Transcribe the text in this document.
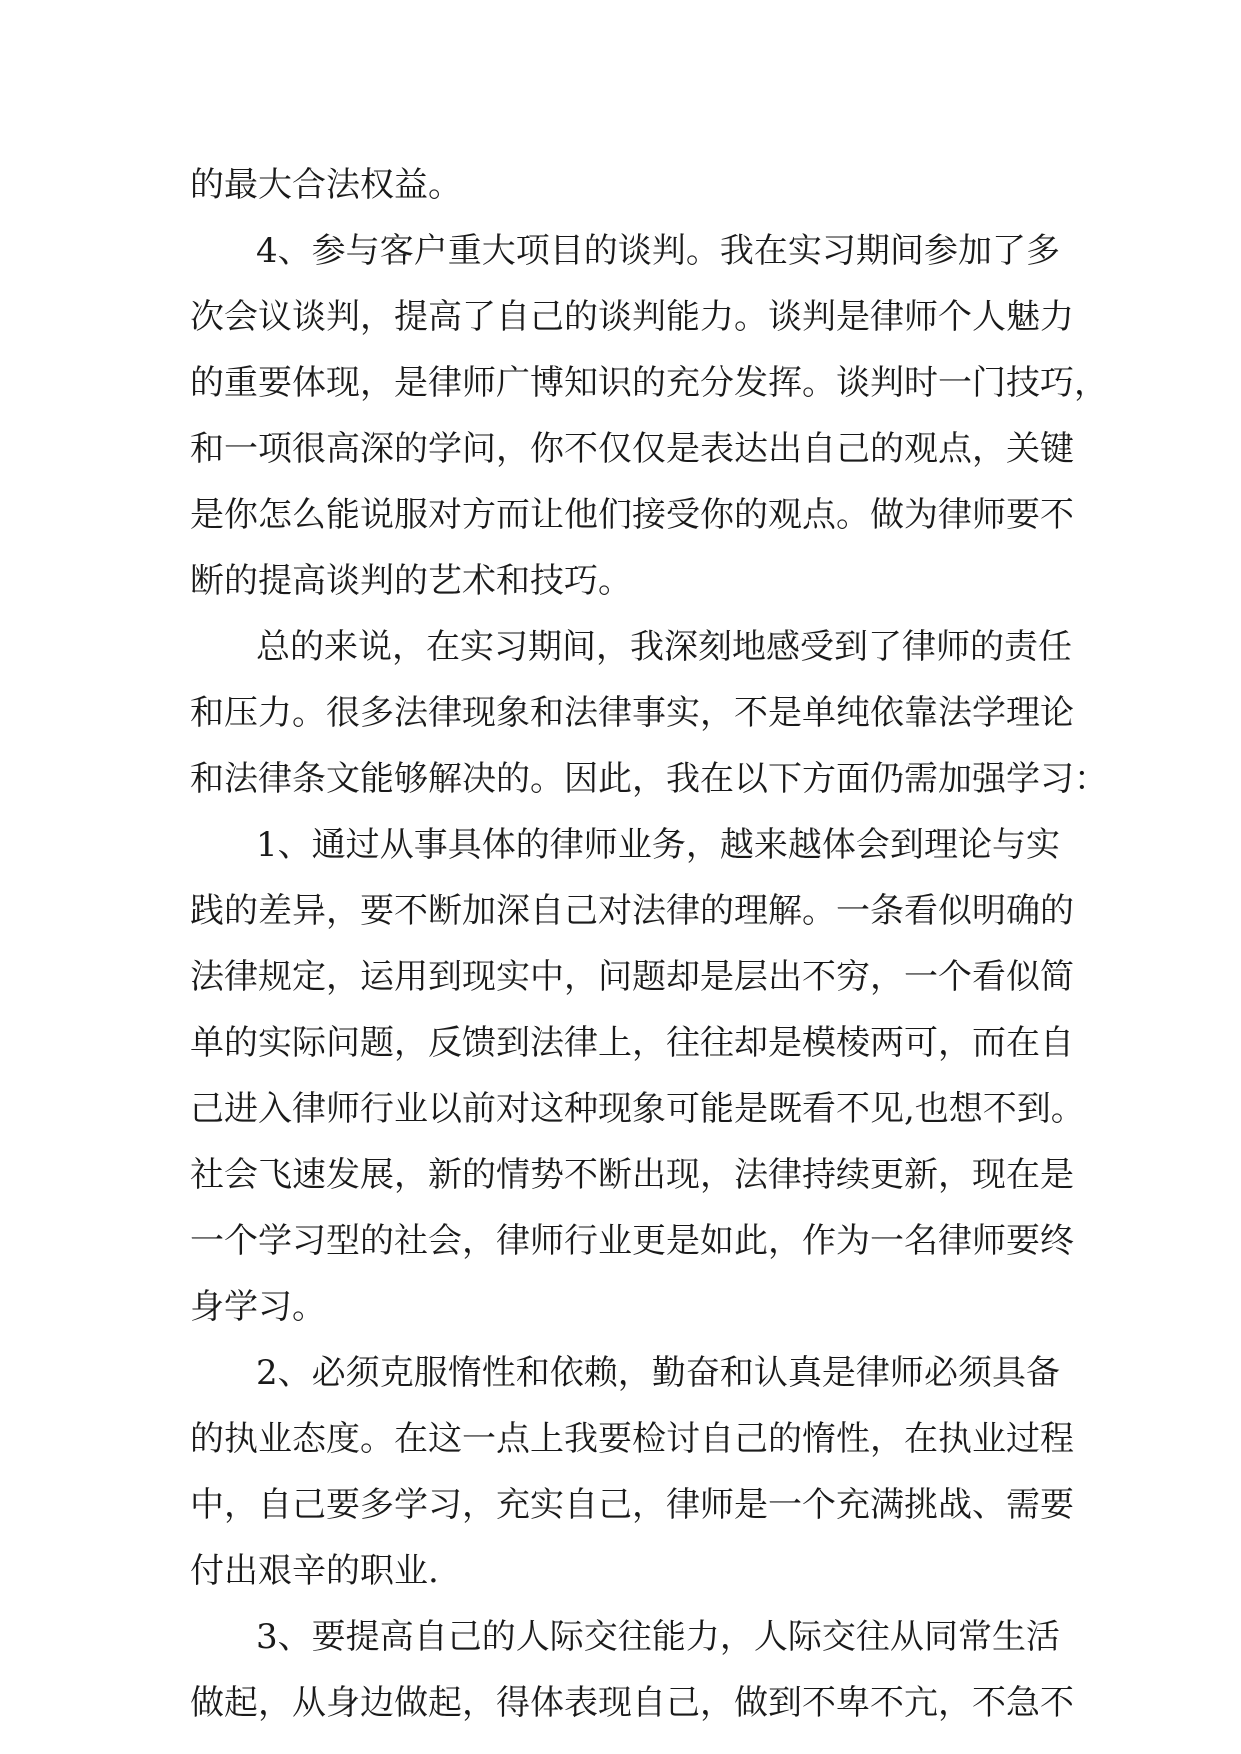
的最大合法权益。
4、参与客户重大项目的谈判。我在实习期间参加了多
次会议谈判，提高了自己的谈判能力。谈判是律师个人魅力
的重要体现，是律师广博知识的充分发挥。谈判时一门技巧，
和一项很高深的学问，你不仅仅是表达出自己的观点，关键
是你怎么能说服对方而让他们接受你的观点。做为律师要不
断的提高谈判的艺术和技巧。
总的来说，在实习期间，我深刻地感受到了律师的责任
和压力。很多法律现象和法律事实，不是单纯依靠法学理论
和法律条文能够解决的。因此，我在以下方面仍需加强学习：
1、通过从事具体的律师业务，越来越体会到理论与实
践的差异，要不断加深自己对法律的理解。一条看似明确的
法律规定，运用到现实中，问题却是层出不穷，一个看似简
单的实际问题，反馈到法律上，往往却是模棱两可，而在自
己进入律师行业以前对这种现象可能是既看不见,也想不到。
社会飞速发展，新的情势不断出现，法律持续更新，现在是
一个学习型的社会，律师行业更是如此，作为一名律师要终
身学习。
2、必须克服惰性和依赖，勤奋和认真是律师必须具备
的执业态度。在这一点上我要检讨自己的惰性，在执业过程
中，自己要多学习，充实自己，律师是一个充满挑战、需要
付出艰辛的职业.
3、要提高自己的人际交往能力，人际交往从同常生活
做起，从身边做起，得体表现自己，做到不卑不亢，不急不
